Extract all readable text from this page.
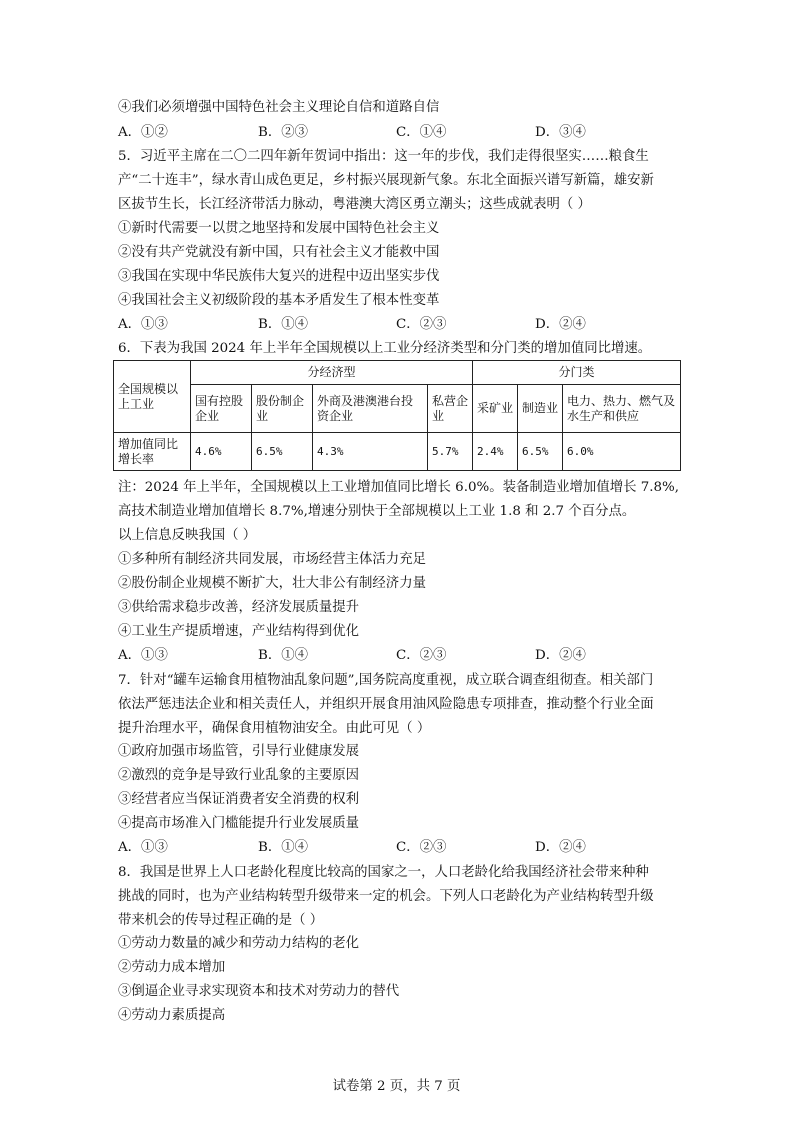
④我们必须增强中国特色社会主义理论自信和道路自信
A．①②	B．②③	C．①④	D．③④
5．习近平主席在二〇二四年新年贺词中指出：这一年的步伐，我们走得很坚实……粮食生
产“二十连丰”，绿水青山成色更足，乡村振兴展现新气象。东北全面振兴谱写新篇，雄安新
区拔节生长，长江经济带活力脉动，粤港澳大湾区勇立潮头；这些成就表明（ ）
①新时代需要一以贯之地坚持和发展中国特色社会主义
②没有共产党就没有新中国，只有社会主义才能救中国
③我国在实现中华民族伟大复兴的进程中迈出坚实步伐
④我国社会主义初级阶段的基本矛盾发生了根本性变革
A．①③	B．①④	C．②③	D．②④
6．下表为我国 2024 年上半年全国规模以上工业分经济类型和分门类的增加值同比增速。
全国规模以上工业	分经济型				分门类		
	国有控股企业	股份制企业	外商及港澳港台投资企业	私营企业	采矿业	制造业	电力、热力、燃气及水生产和供应
增加值同比增长率	4.6%	6.5%	4.3%	5.7%	2.4%	6.5%	6.0%
注：2024 年上半年，全国规模以上工业增加值同比增长 6.0%。装备制造业增加值增长 7.8%,
高技术制造业增加值增长 8.7%,增速分别快于全部规模以上工业 1.8 和 2.7 个百分点。
以上信息反映我国（ ）
①多种所有制经济共同发展，市场经营主体活力充足
②股份制企业规模不断扩大，壮大非公有制经济力量
③供给需求稳步改善，经济发展质量提升
④工业生产提质增速，产业结构得到优化
A．①③	B．①④	C．②③	D．②④
7．针对“罐车运输食用植物油乱象问题”,国务院高度重视，成立联合调查组彻查。相关部门
依法严惩违法企业和相关责任人，并组织开展食用油风险隐患专项排查，推动整个行业全面
提升治理水平，确保食用植物油安全。由此可见（ ）
①政府加强市场监管，引导行业健康发展
②激烈的竞争是导致行业乱象的主要原因
③经营者应当保证消费者安全消费的权利
④提高市场准入门槛能提升行业发展质量
A．①③	B．①④	C．②③	D．②④
8．我国是世界上人口老龄化程度比较高的国家之一，人口老龄化给我国经济社会带来种种
挑战的同时，也为产业结构转型升级带来一定的机会。下列人口老龄化为产业结构转型升级
带来机会的传导过程正确的是（ ）
①劳动力数量的减少和劳动力结构的老化
②劳动力成本增加
③倒逼企业寻求实现资本和技术对劳动力的替代
④劳动力素质提高
试卷第 2 页，共 7 页
